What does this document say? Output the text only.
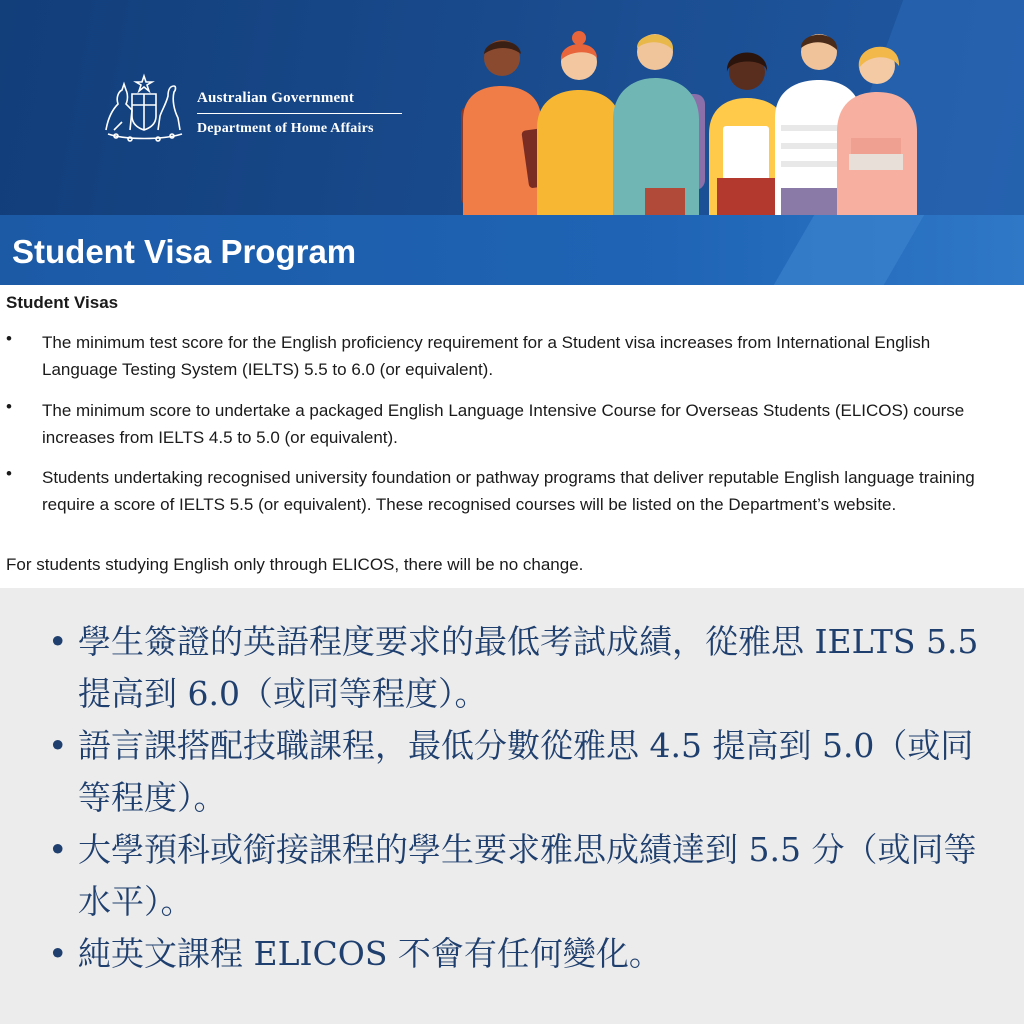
Australian Government
Department of Home Affairs
Student Visa Program
Student Visas
• The minimum test score for the English proficiency requirement for a Student visa increases from International English Language Testing System (IELTS) 5.5 to 6.0 (or equivalent).
• The minimum score to undertake a packaged English Language Intensive Course for Overseas Students (ELICOS) course increases from IELTS 4.5 to 5.0 (or equivalent).
• Students undertaking recognised university foundation or pathway programs that deliver reputable English language training require a score of IELTS 5.5 (or equivalent). These recognised courses will be listed on the Department’s website.

For students studying English only through ELICOS, there will be no change.

• 學生簽證的英語程度要求的最低考試成績，從雅思 IELTS 5.5 提高到 6.0（或同等程度）。
• 語言課搭配技職課程，最低分數從雅思 4.5 提高到 5.0（或同等程度）。
• 大學預科或銜接課程的學生要求雅思成績達到 5.5 分（或同等水平）。
• 純英文課程 ELICOS 不會有任何變化。
